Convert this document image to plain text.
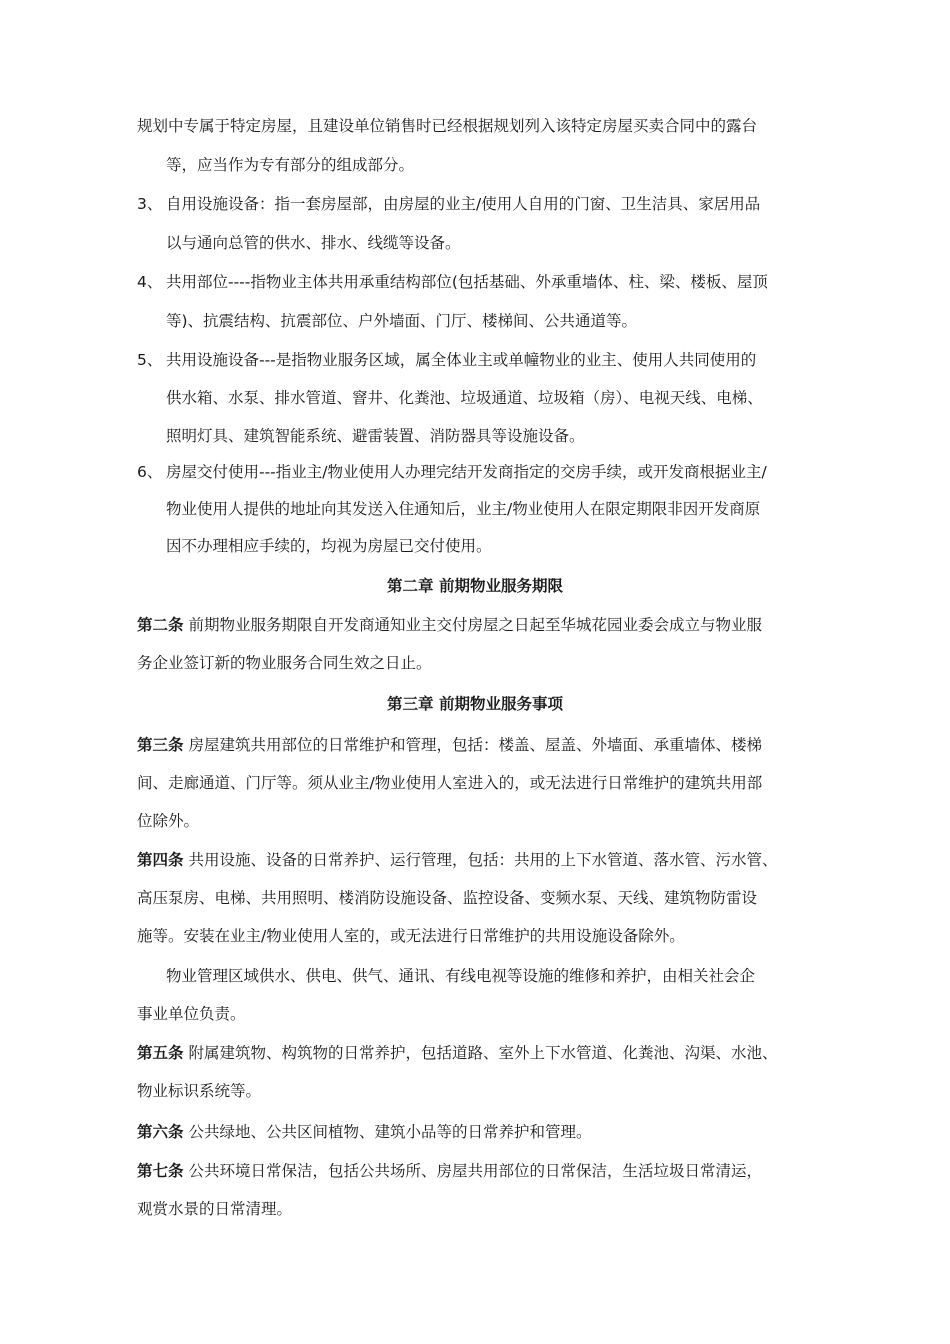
规划中专属于特定房屋，且建设单位销售时已经根据规划列入该特定房屋买卖合同中的露台
等，应当作为专有部分的组成部分。
3、 自用设施设备：指一套房屋部，由房屋的业主/使用人自用的门窗、卫生洁具、家居用品
以与通向总管的供水、排水、线缆等设备。
4、 共用部位----指物业主体共用承重结构部位(包括基础、外承重墙体、柱、梁、楼板、屋顶
等)、抗震结构、抗震部位、户外墙面、门厅、楼梯间、公共通道等。
5、 共用设施设备---是指物业服务区域，属全体业主或单幢物业的业主、使用人共同使用的
供水箱、水泵、排水管道、窨井、化粪池、垃圾通道、垃圾箱（房）、电视天线、电梯、
照明灯具、建筑智能系统、避雷装置、消防器具等设施设备。
6、 房屋交付使用---指业主/物业使用人办理完结开发商指定的交房手续，或开发商根据业主/
物业使用人提供的地址向其发送入住通知后，业主/物业使用人在限定期限非因开发商原
因不办理相应手续的，均视为房屋已交付使用。
第二章 前期物业服务期限
第二条 前期物业服务期限自开发商通知业主交付房屋之日起至华城花园业委会成立与物业服
务企业签订新的物业服务合同生效之日止。
第三章 前期物业服务事项
第三条 房屋建筑共用部位的日常维护和管理，包括：楼盖、屋盖、外墙面、承重墙体、楼梯
间、走廊通道、门厅等。须从业主/物业使用人室进入的，或无法进行日常维护的建筑共用部
位除外。
第四条 共用设施、设备的日常养护、运行管理，包括：共用的上下水管道、落水管、污水管、
高压泵房、电梯、共用照明、楼消防设施设备、监控设备、变频水泵、天线、建筑物防雷设
施等。安装在业主/物业使用人室的，或无法进行日常维护的共用设施设备除外。
物业管理区域供水、供电、供气、通讯、有线电视等设施的维修和养护，由相关社会企
事业单位负责。
第五条 附属建筑物、构筑物的日常养护，包括道路、室外上下水管道、化粪池、沟渠、水池、
物业标识系统等。
第六条 公共绿地、公共区间植物、建筑小品等的日常养护和管理。
第七条 公共环境日常保洁，包括公共场所、房屋共用部位的日常保洁，生活垃圾日常清运，
观赏水景的日常清理。
